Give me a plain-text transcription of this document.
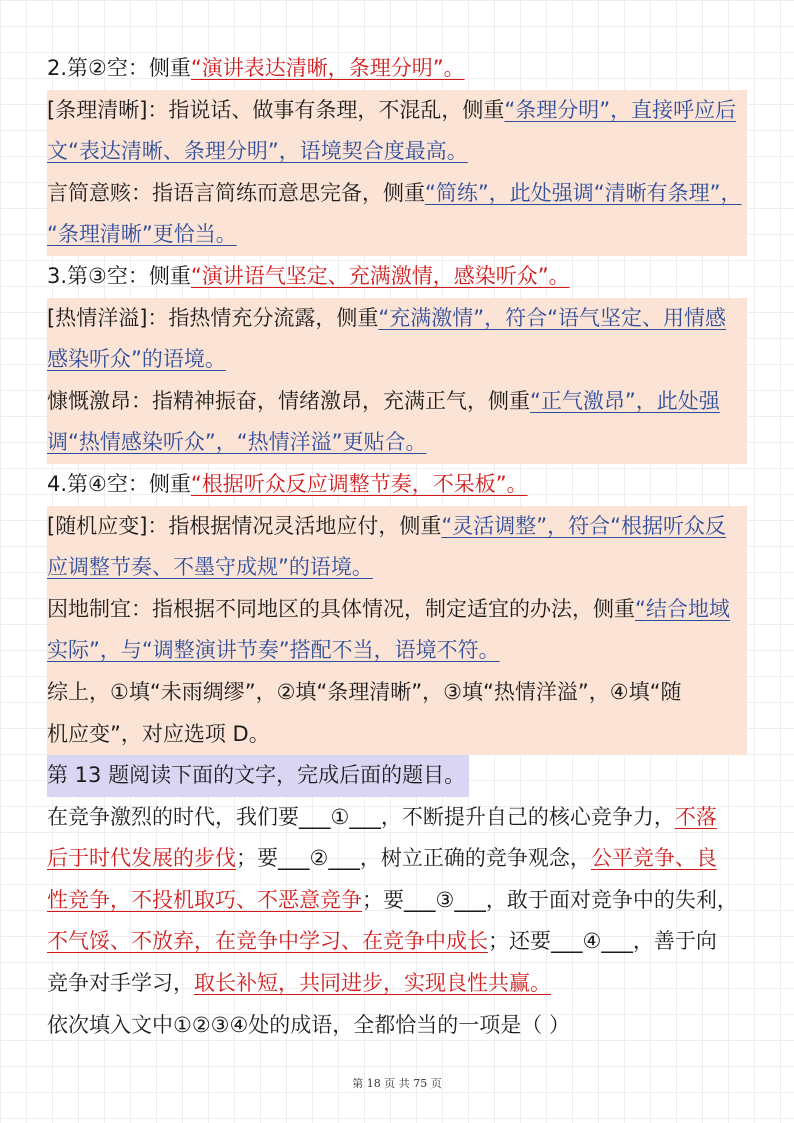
2.第②空：侧重“演讲表达清晰，条理分明”。
[条理清晰]：指说话、做事有条理，不混乱，侧重“条理分明”，直接呼应后
文“表达清晰、条理分明”，语境契合度最高。
言简意赅：指语言简练而意思完备，侧重“简练”，此处强调“清晰有条理”，
“条理清晰”更恰当。
3.第③空：侧重“演讲语气坚定、充满激情，感染听众”。
[热情洋溢]：指热情充分流露，侧重“充满激情”，符合“语气坚定、用情感
感染听众”的语境。
慷慨激昂：指精神振奋，情绪激昂，充满正气，侧重“正气激昂”，此处强
调“热情感染听众”，“热情洋溢”更贴合。
4.第④空：侧重“根据听众反应调整节奏，不呆板”。
[随机应变]：指根据情况灵活地应付，侧重“灵活调整”，符合“根据听众反
应调整节奏、不墨守成规”的语境。
因地制宜：指根据不同地区的具体情况，制定适宜的办法，侧重“结合地域
实际”，与“调整演讲节奏”搭配不当，语境不符。
综上，①填“未雨绸缪”，②填“条理清晰”，③填“热情洋溢”，④填“随
机应变”，对应选项 D。
第 13 题阅读下面的文字，完成后面的题目。
在竞争激烈的时代，我们要___①___，不断提升自己的核心竞争力，不落
后于时代发展的步伐；要___②___，树立正确的竞争观念，公平竞争、良
性竞争，不投机取巧、不恶意竞争；要___③___，敢于面对竞争中的失利，
不气馁、不放弃，在竞争中学习、在竞争中成长；还要___④___，善于向
竞争对手学习，取长补短，共同进步，实现良性共赢。
依次填入文中①②③④处的成语，全都恰当的一项是（ ）
第 18 页 共 75 页
